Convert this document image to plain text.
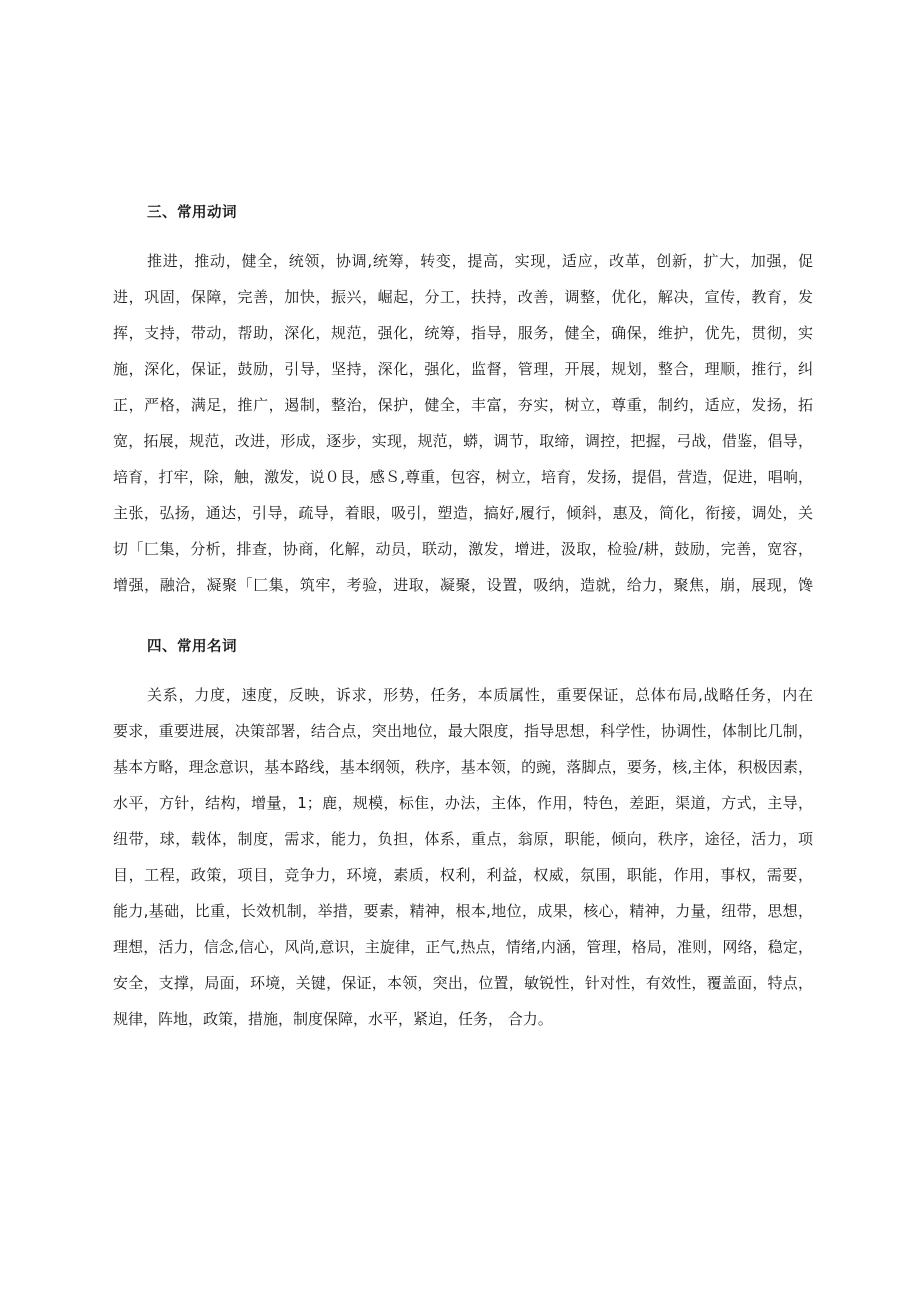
三、常用动词
推进，推动，健全，统领，协调,统筹，转变，提高，实现，适应，改革，创新，扩大，加强，促
进，巩固，保障，完善，加快，振兴，崛起，分工，扶持，改善，调整，优化，解决，宣传，教育，发
挥，支持，带动，帮助，深化，规范，强化，统筹，指导，服务，健全，确保，维护，优先，贯彻，实
施，深化，保证，鼓励，引导，坚持，深化，强化，监督，管理，开展，规划，整合，理顺，推行，纠
正，严格，满足，推广，遏制，整治，保护，健全，丰富，夯实，树立，尊重，制约，适应，发扬，拓
宽，拓展，规范，改进，形成，逐步，实现，规范，蟒，调节，取缔，调控，把握，弓战，借鉴，倡导，
培育，打牢，除，触，激发，说０艮，感Ｓ,尊重，包容，树立，培育，发扬，提倡，营造，促进，唱响，
主张，弘扬，通达，引导，疏导，着眼，吸引，塑造，搞好,履行，倾斜，惠及，简化，衔接，调处，关
切「匚集，分析，排查，协商，化解，动员，联动，激发，增进，汲取，检验/耕，鼓励，完善，宽容，
增强，融洽，凝聚「匚集，筑牢，考验，进取，凝聚，设置，吸纳，造就，给力，聚焦，崩，展现，馋
四、常用名词
关系，力度，速度，反映，诉求，形势，任务，本质属性，重要保证，总体布局,战略任务，内在
要求，重要进展，决策部署，结合点，突出地位，最大限度，指导思想，科学性，协调性，体制比几制，
基本方略，理念意识，基本路线，基本纲领，秩序，基本领，的豌，落脚点，要务，核,主体，积极因素，
水平，方针，结构，增量，1；鹿，规模，标隹，办法，主体，作用，特色，差距，渠道，方式，主导，
纽带，球，载体，制度，需求，能力，负担，体系，重点，翁原，职能，倾向，秩序，途径，活力，项
目，工程，政策，项目，竞争力，环境，素质，权利，利益，权威，氛围，职能，作用，事权，需要，
能力,基础，比重，长效机制，举措，要素，精神，根本,地位，成果，核心，精神，力量，纽带，思想，
理想，活力，信念,信心，风尚,意识，主旋律，正气,热点，情绪,内涵，管理，格局，准则，网络，稳定，
安全，支撑，局面，环境，关键，保证，本领，突出，位置，敏锐性，针对性，有效性，覆盖面，特点，
规律，阵地，政策，措施，制度保障，水平，紧迫，任务， 合力。
